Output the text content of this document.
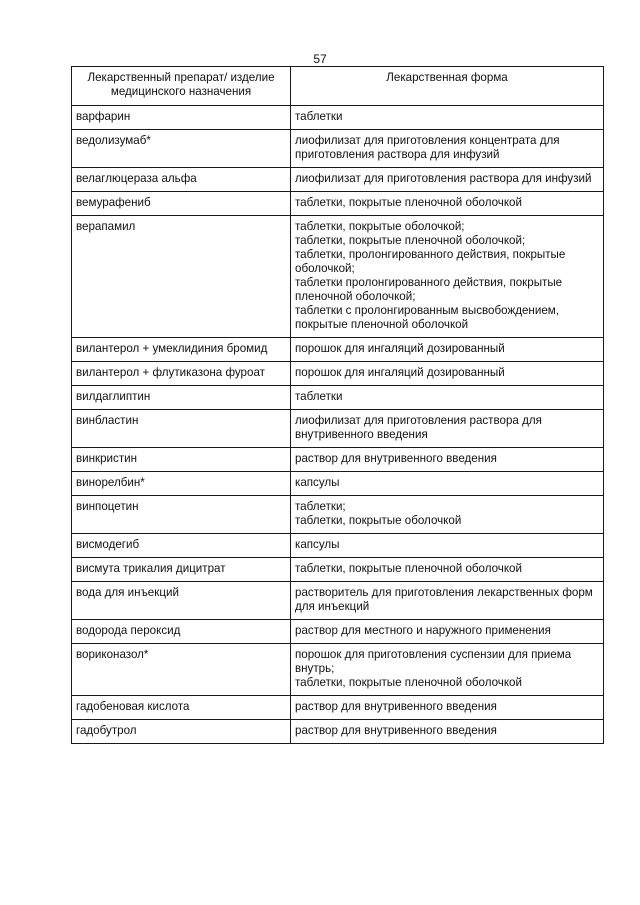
57
Лекарственный препарат/ изделие медицинского назначения	Лекарственная форма
варфарин	таблетки

ведолизумаб*	лиофилизат для приготовления концентрата для приготовления раствора для инфузий

велаглюцераза альфа	лиофилизат для приготовления раствора для инфузий

вемурафениб	таблетки, покрытые пленочной оболочкой

верапамил	таблетки, покрытые оболочкой;
таблетки, покрытые пленочной оболочкой;
таблетки, пролонгированного действия, покрытые оболочкой;
таблетки пролонгированного действия, покрытые пленочной оболочкой;
таблетки с пролонгированным высвобождением, покрытые пленочной оболочкой

вилантерол + умеклидиния бромид	порошок для ингаляций дозированный

вилантерол + флутиказона фуроат	порошок для ингаляций дозированный

вилдаглиптин	таблетки

винбластин	лиофилизат для приготовления раствора для внутривенного введения

винкристин	раствор для внутривенного введения

винорелбин*	капсулы

винпоцетин	таблетки;
таблетки, покрытые оболочкой

висмодегиб	капсулы

висмута трикалия дицитрат	таблетки, покрытые пленочной оболочкой

вода для инъекций	растворитель для приготовления лекарственных форм для инъекций

водорода пероксид	раствор для местного и наружного применения

вориконазол*	порошок для приготовления суспензии для приема внутрь;
таблетки, покрытые пленочной оболочкой

гадобеновая кислота	раствор для внутривенного введения

гадобутрол	раствор для внутривенного введения
